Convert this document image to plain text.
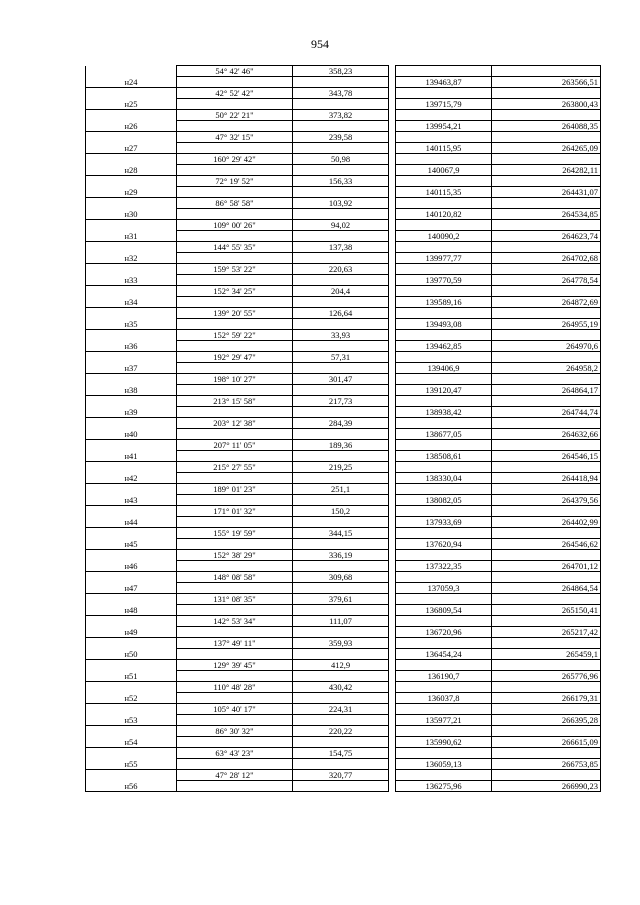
954
	54° 42' 46"	358,23			
н24				139463,87	263566,51
	42° 52' 42"	343,78			
н25				139715,79	263800,43
	50° 22' 21"	373,82			
н26				139954,21	264088,35
	47° 32' 15"	239,58			
н27				140115,95	264265,09
	160° 29' 42"	50,98			
н28				140067,9	264282,11
	72° 19' 52"	156,33			
н29				140115,35	264431,07
	86° 58' 58"	103,92			
н30				140120,82	264534,85
	109° 00' 26"	94,02			
н31				140090,2	264623,74
	144° 55' 35"	137,38			
н32				139977,77	264702,68
	159° 53' 22"	220,63			
н33				139770,59	264778,54
	152° 34' 25"	204,4			
н34				139589,16	264872,69
	139° 20' 55"	126,64			
н35				139493,08	264955,19
	152° 59' 22"	33,93			
н36				139462,85	264970,6
	192° 29' 47"	57,31			
н37				139406,9	264958,2
	198° 10' 27"	301,47			
н38				139120,47	264864,17
	213° 15' 58"	217,73			
н39				138938,42	264744,74
	203° 12' 38"	284,39			
н40				138677,05	264632,66
	207° 11' 05"	189,36			
н41				138508,61	264546,15
	215° 27' 55"	219,25			
н42				138330,04	264418,94
	189° 01' 23"	251,1			
н43				138082,05	264379,56
	171° 01' 32"	150,2			
н44				137933,69	264402,99
	155° 19' 59"	344,15			
н45				137620,94	264546,62
	152° 38' 29"	336,19			
н46				137322,35	264701,12
	148° 08' 58"	309,68			
н47				137059,3	264864,54
	131° 08' 35"	379,61			
н48				136809,54	265150,41
	142° 53' 34"	111,07			
н49				136720,96	265217,42
	137° 49' 11"	359,93			
н50				136454,24	265459,1
	129° 39' 45"	412,9			
н51				136190,7	265776,96
	110° 48' 28"	430,42			
н52				136037,8	266179,31
	105° 40' 17"	224,31			
н53				135977,21	266395,28
	86° 30' 32"	220,22			
н54				135990,62	266615,09
	63° 43' 23"	154,75			
н55				136059,13	266753,85
	47° 28' 12"	320,77			
н56				136275,96	266990,23
